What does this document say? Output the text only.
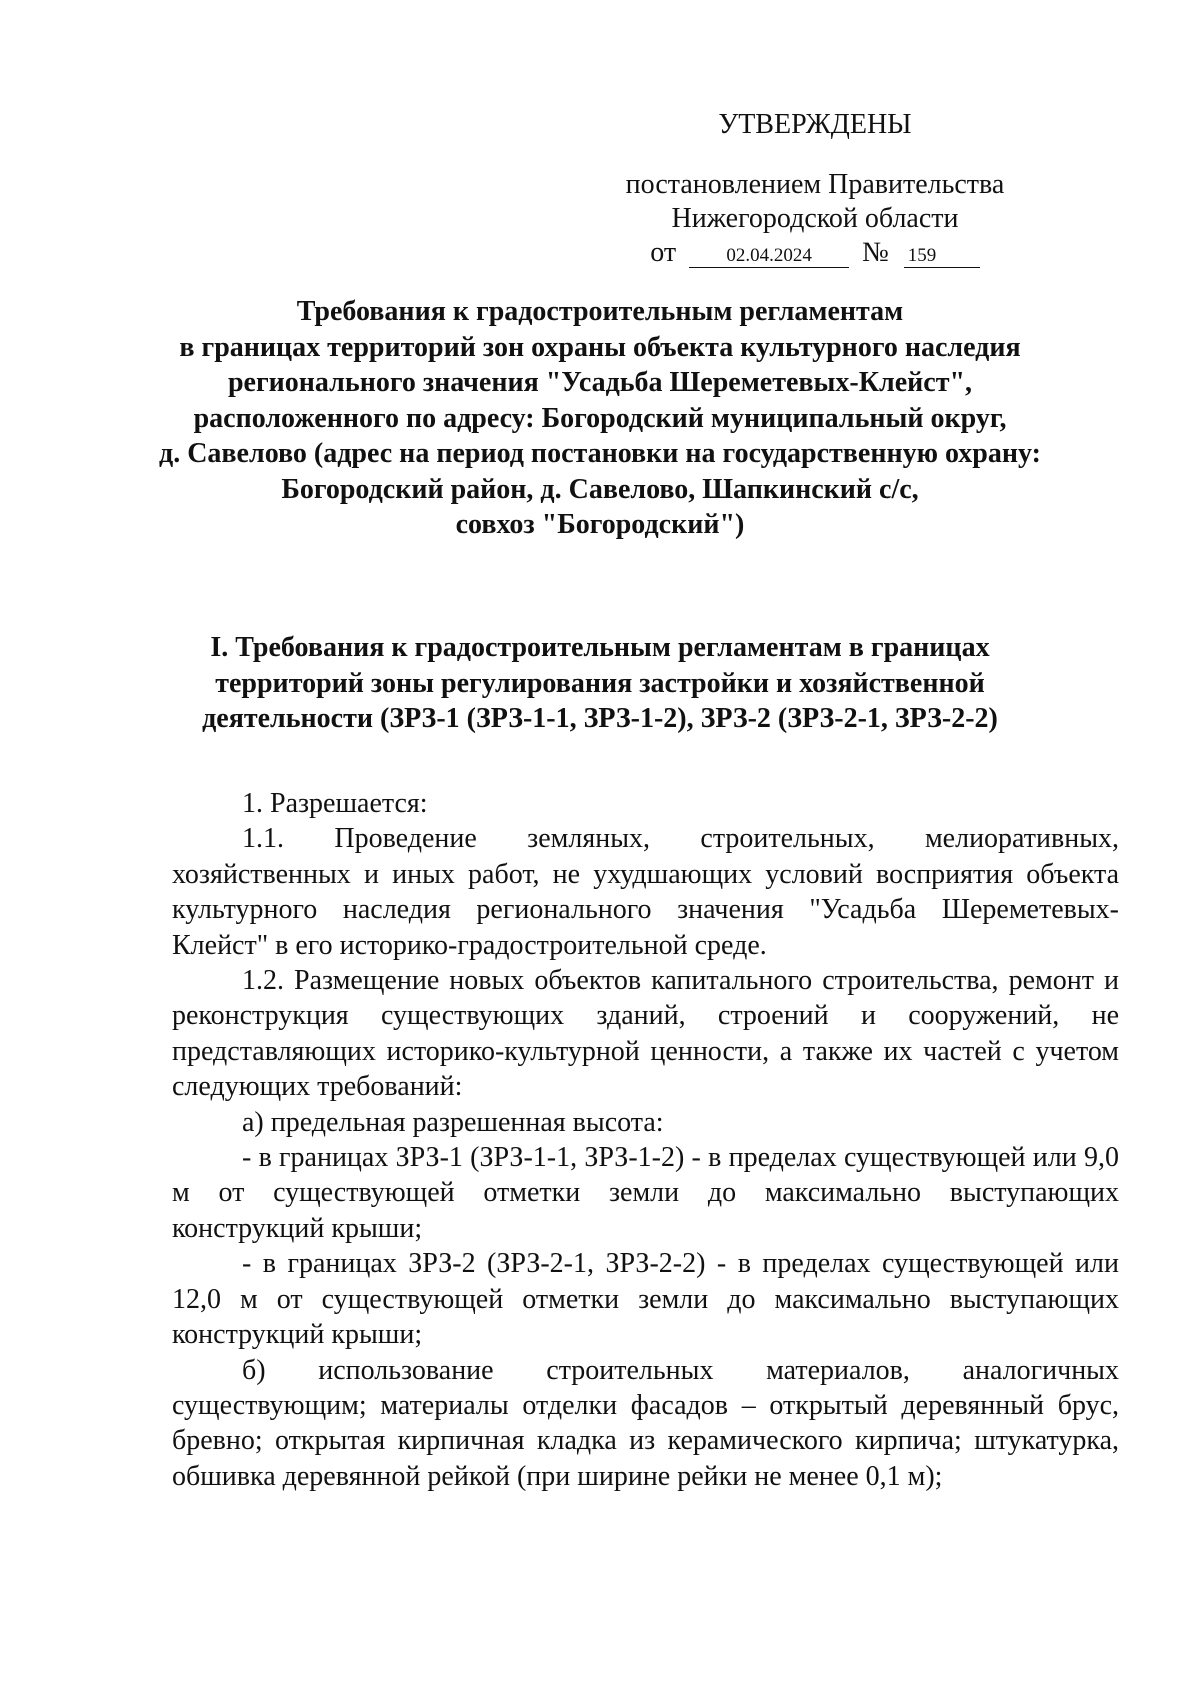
УТВЕРЖДЕНЫ
постановлением Правительства
Нижегородской области
от	02.04.2024 № 159
Требования к градостроительным регламентам
в границах территорий зон охраны объекта культурного наследия
регионального значения "Усадьба Шереметевых-Клейст",
расположенного по адресу: Богородский муниципальный округ,
д. Савелово (адрес на период постановки на государственную охрану:
Богородский район, д. Савелово, Шапкинский с/с,
совхоз "Богородский")
I. Требования к градостроительным регламентам в границах
территорий зоны регулирования застройки и хозяйственной
деятельности (ЗРЗ-1 (ЗРЗ-1-1, ЗРЗ-1-2), ЗРЗ-2 (ЗРЗ-2-1, ЗРЗ-2-2)

1. Разрешается:

1.1. Проведение земляных, строительных, мелиоративных, хозяйственных и иных работ, не ухудшающих условий восприятия объекта культурного наследия регионального значения "Усадьба Шереметевых-Клейст" в его историко-градостроительной среде.

1.2. Размещение новых объектов капитального строительства, ремонт и реконструкция существующих зданий, строений и сооружений, не представляющих историко-культурной ценности, а также их частей с учетом следующих требований:

а) предельная разрешенная высота:

- в границах ЗРЗ-1 (ЗРЗ-1-1, ЗРЗ-1-2) - в пределах существующей или 9,0 м от существующей отметки земли до максимально выступающих конструкций крыши;

- в границах ЗРЗ-2 (ЗРЗ-2-1, ЗРЗ-2-2) - в пределах существующей или 12,0 м от существующей отметки земли до максимально выступающих конструкций крыши;

б) использование строительных материалов, аналогичных существующим; материалы отделки фасадов – открытый деревянный брус, бревно; открытая кирпичная кладка из керамического кирпича; штукатурка, обшивка деревянной рейкой (при ширине рейки не менее 0,1 м);
